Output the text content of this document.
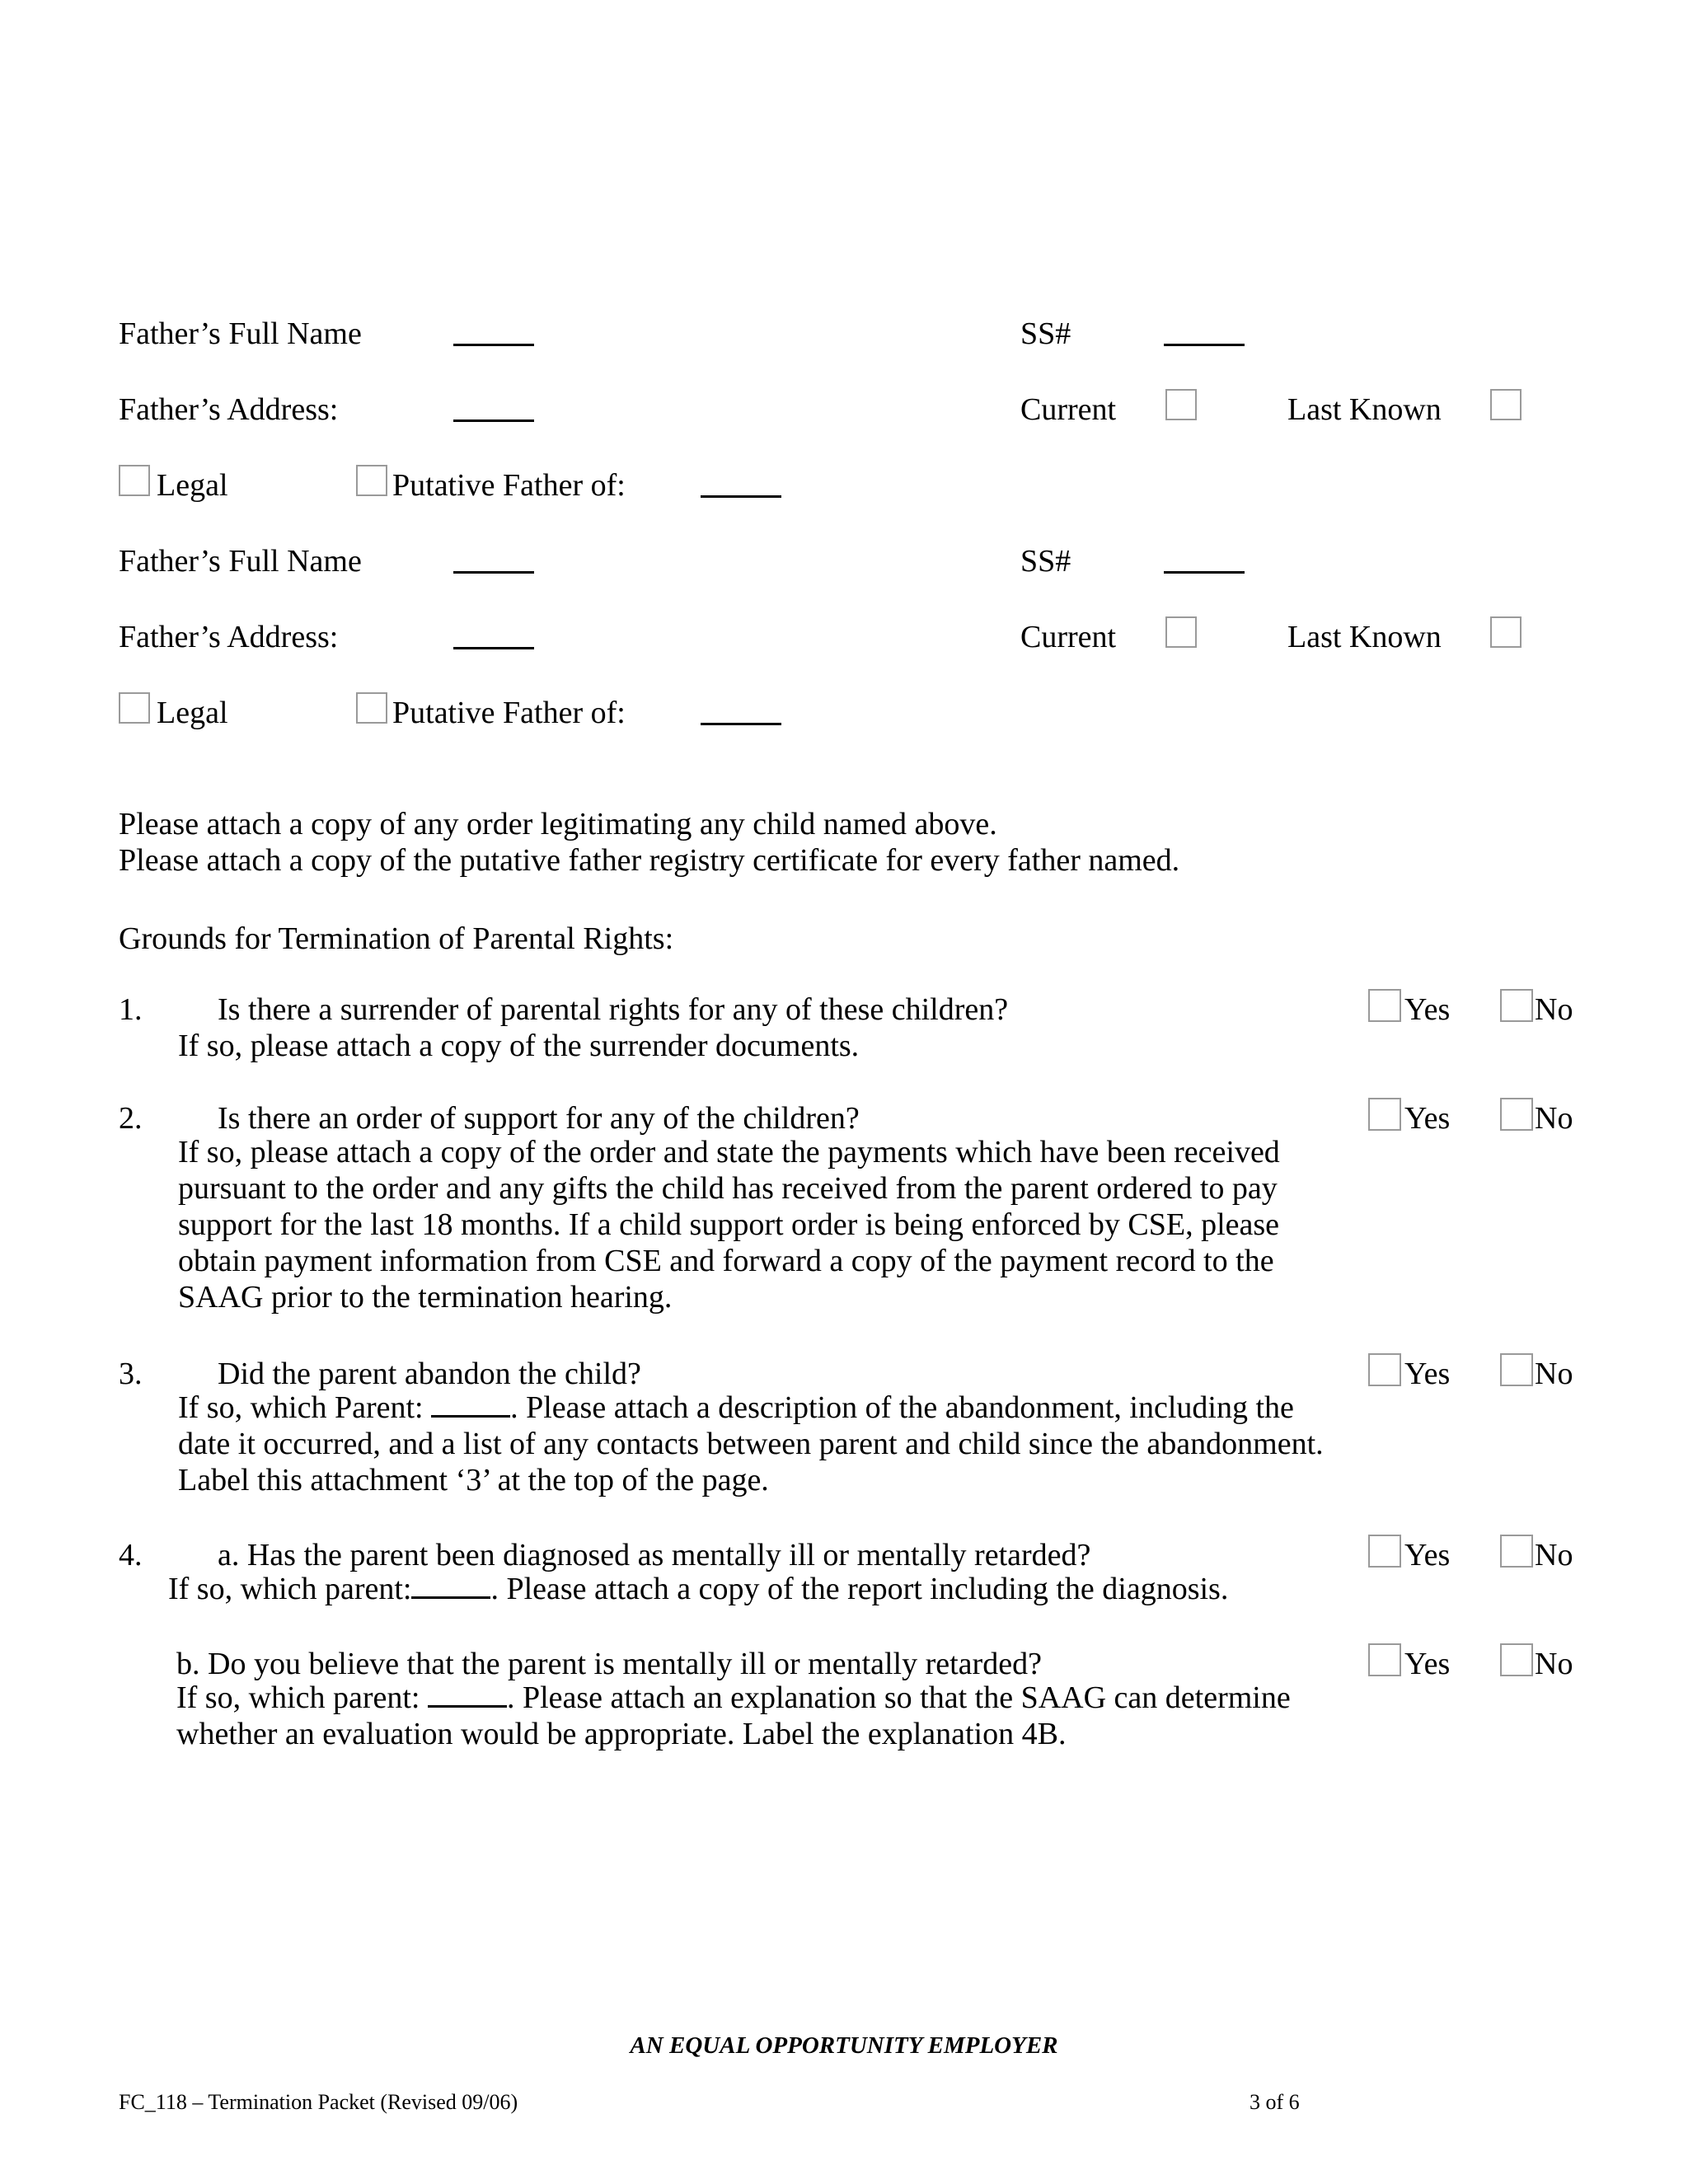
Father’s Full Name	SS#
Father’s Address:	Current	Last Known
Legal	Putative Father of:
Father’s Full Name	SS#
Father’s Address:	Current	Last Known
Legal	Putative Father of:
Please attach a copy of any order legitimating any child named above.
Please attach a copy of the putative father registry certificate for every father named.
Grounds for Termination of Parental Rights:
1. Is there a surrender of parental rights for any of these children?
If so, please attach a copy of the surrender documents.
Yes	No
2. Is there an order of support for any of the children?
If so, please attach a copy of the order and state the payments which have been received
pursuant to the order and any gifts the child has received from the parent ordered to pay
support for the last 18 months. If a child support order is being enforced by CSE, please
obtain payment information from CSE and forward a copy of the payment record to the
SAAG prior to the termination hearing.
Yes	No
3. Did the parent abandon the child?
If so, which Parent:	. Please attach a description of the abandonment, including the
date it occurred, and a list of any contacts between parent and child since the abandonment.
Label this attachment ‘3’ at the top of the page.
Yes	No
4. a. Has the parent been diagnosed as mentally ill or mentally retarded?
If so, which parent:	. Please attach a copy of the report including the diagnosis.
Yes	No
b. Do you believe that the parent is mentally ill or mentally retarded?
If so, which parent:	. Please attach an explanation so that the SAAG can determine
whether an evaluation would be appropriate. Label the explanation 4B.
Yes	No
AN EQUAL OPPORTUNITY EMPLOYER
FC_118 – Termination Packet (Revised 09/06)	3 of 6
